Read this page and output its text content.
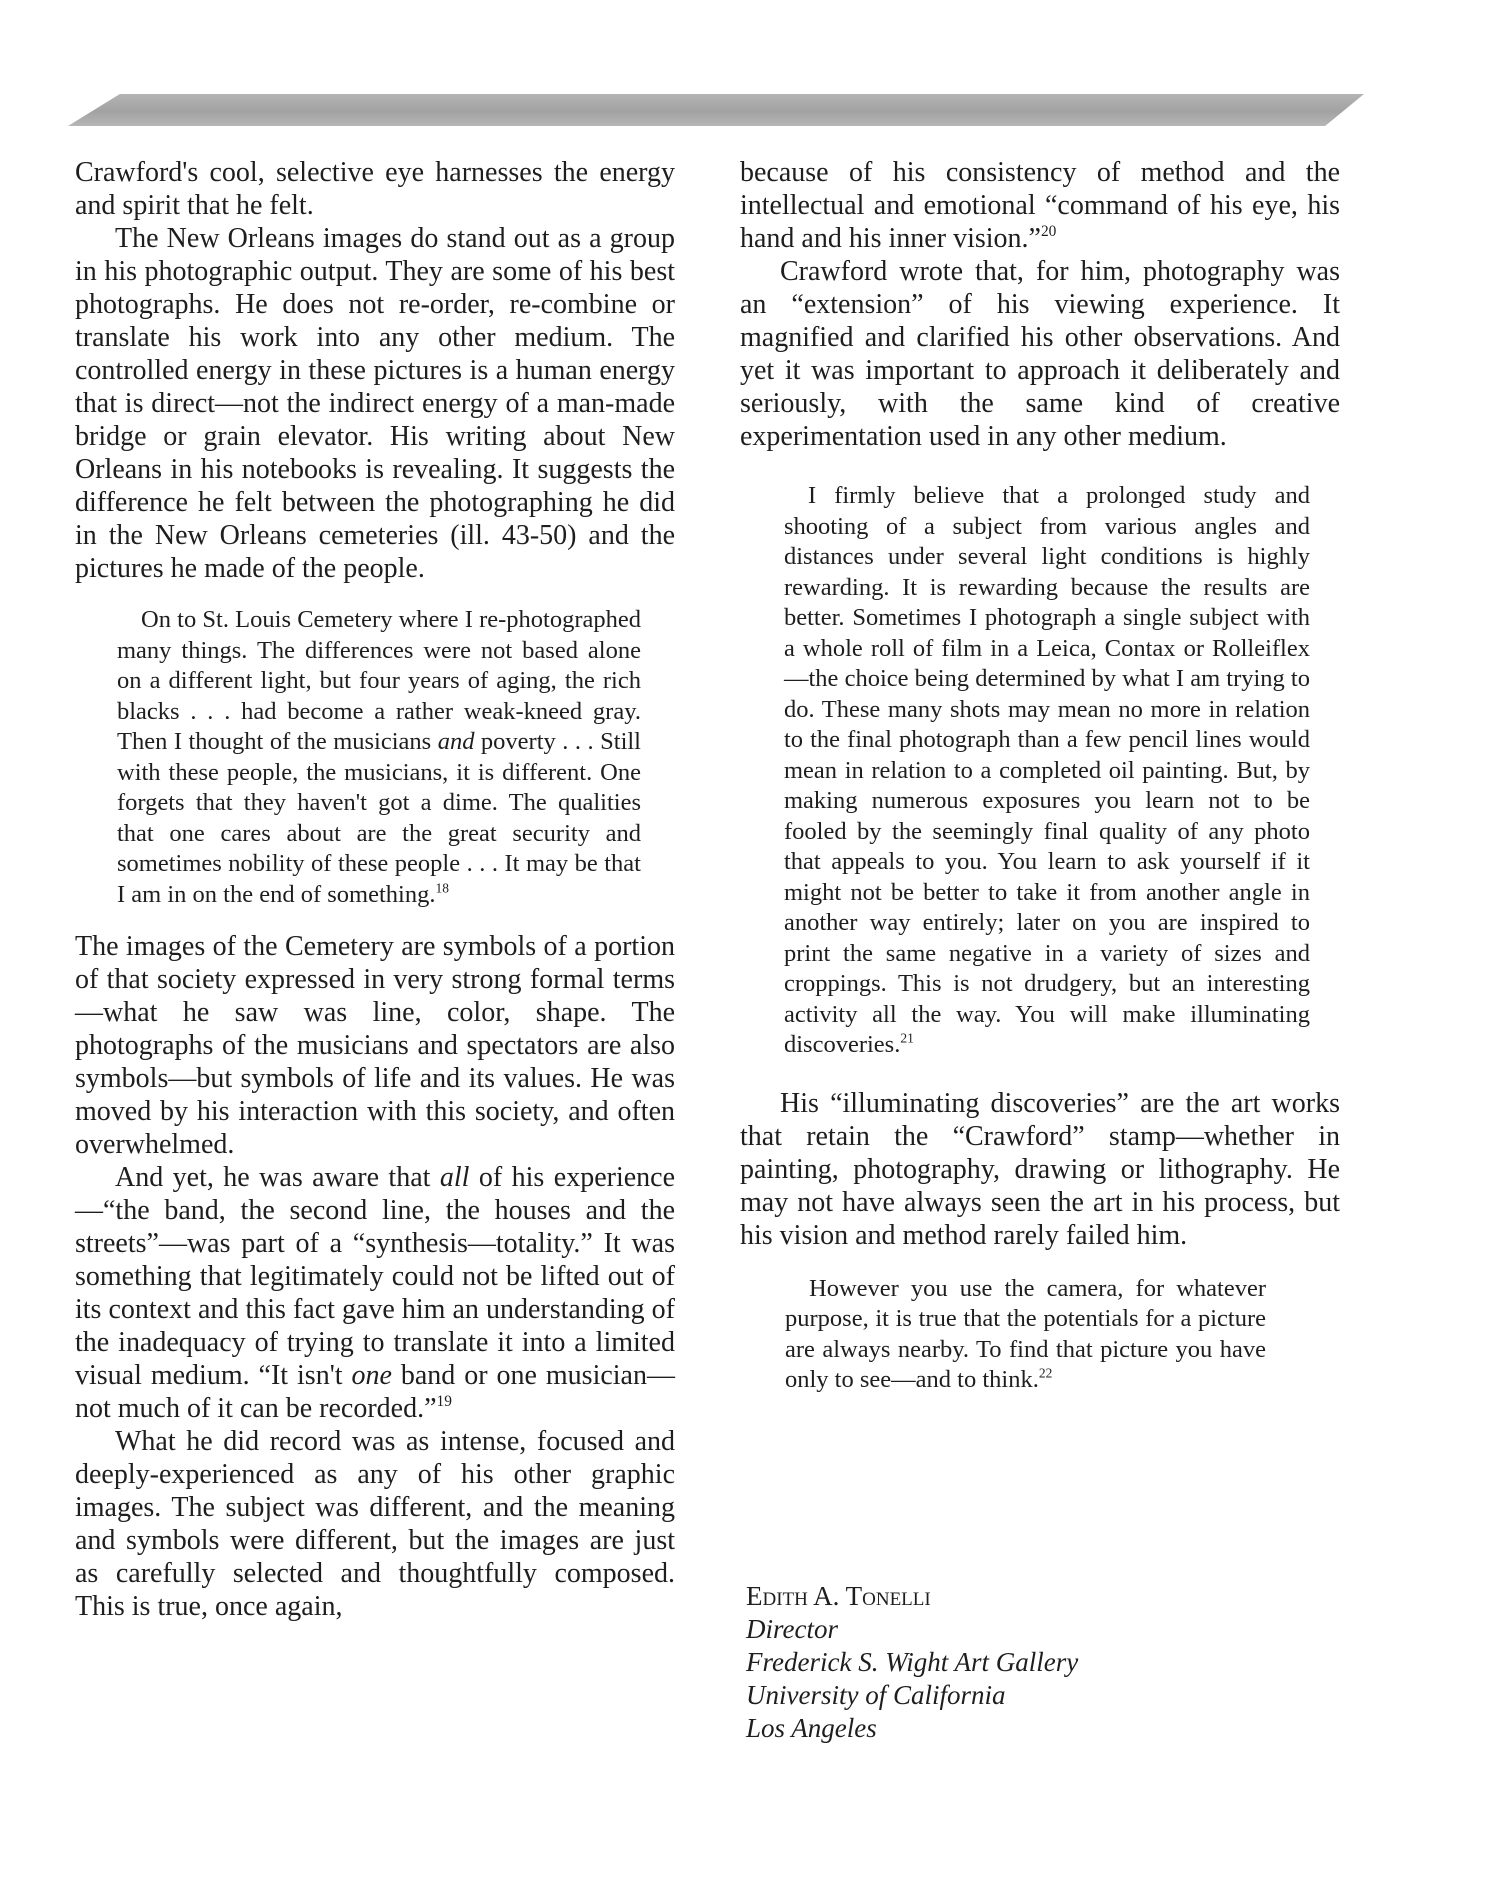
Crawford's cool, selective eye harnesses the energy and spirit that he felt.

The New Orleans images do stand out as a group in his photographic output. They are some of his best photographs. He does not re-order, re-combine or translate his work into any other medium. The controlled energy in these pictures is a human energy that is direct—not the indirect energy of a man-made bridge or grain elevator. His writing about New Orleans in his notebooks is revealing. It suggests the difference he felt between the photographing he did in the New Orleans cemeteries (ill. 43-50) and the pictures he made of the people.

On to St. Louis Cemetery where I re-photographed many things. The differences were not based alone on a different light, but four years of aging, the rich blacks . . . had become a rather weak-kneed gray. Then I thought of the musicians and poverty . . . Still with these people, the musicians, it is different. One forgets that they haven't got a dime. The qualities that one cares about are the great security and sometimes nobility of these people . . . It may be that I am in on the end of something.$^{18}$

The images of the Cemetery are symbols of a portion of that society expressed in very strong formal terms—what he saw was line, color, shape. The photographs of the musicians and spectators are also symbols—but symbols of life and its values. He was moved by his interaction with this society, and often overwhelmed.

And yet, he was aware that all of his experience—“the band, the second line, the houses and the streets”—was part of a “synthesis—totality.” It was something that legitimately could not be lifted out of its context and this fact gave him an understanding of the inadequacy of trying to translate it into a limited visual medium. “It isn't one band or one musician—not much of it can be recorded.”$^{19}$

What he did record was as intense, focused and deeply-experienced as any of his other graphic images. The subject was different, and the meaning and symbols were different, but the images are just as carefully selected and thoughtfully composed. This is true, once again,

because of his consistency of method and the intellectual and emotional “command of his eye, his hand and his inner vision.”$^{20}$

Crawford wrote that, for him, photography was an “extension” of his viewing experience. It magnified and clarified his other observations. And yet it was important to approach it deliberately and seriously, with the same kind of creative experimentation used in any other medium.

I firmly believe that a prolonged study and shooting of a subject from various angles and distances under several light conditions is highly rewarding. It is rewarding because the results are better. Sometimes I photograph a single subject with a whole roll of film in a Leica, Contax or Rolleiflex—the choice being determined by what I am trying to do. These many shots may mean no more in relation to the final photograph than a few pencil lines would mean in relation to a completed oil painting. But, by making numerous exposures you learn not to be fooled by the seemingly final quality of any photo that appeals to you. You learn to ask yourself if it might not be better to take it from another angle in another way entirely; later on you are inspired to print the same negative in a variety of sizes and croppings. This is not drudgery, but an interesting activity all the way. You will make illuminating discoveries.$^{21}$

His “illuminating discoveries” are the art works that retain the “Crawford” stamp—whether in painting, photography, drawing or lithography. He may not have always seen the art in his process, but his vision and method rarely failed him.

However you use the camera, for whatever purpose, it is true that the potentials for a picture are always nearby. To find that picture you have only to see—and to think.$^{22}$

Edith A. Tonelli
Director
Frederick S. Wight Art Gallery
University of California
Los Angeles
